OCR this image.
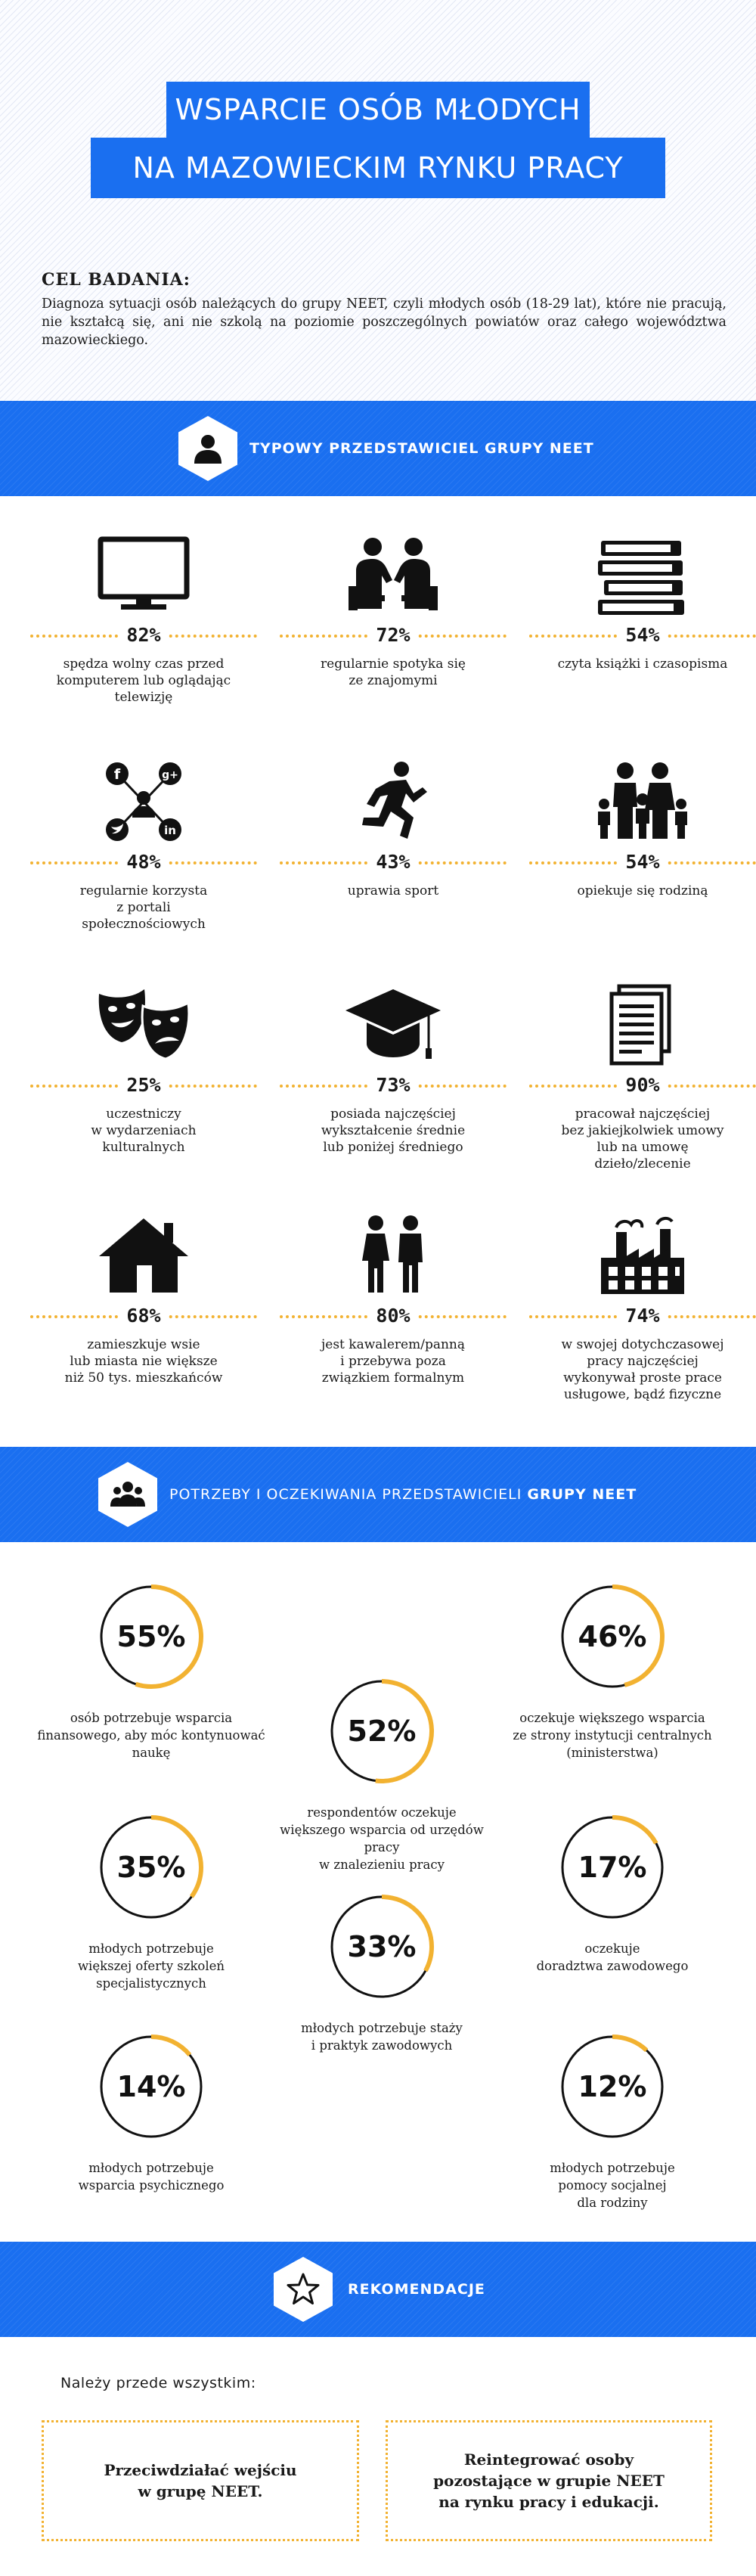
WSPARCIE OSÓB MŁODYCH
NA MAZOWIECKIM RYNKU PRACY
CEL BADANIA:
Diagnoza sytuacji osób należących do grupy NEET, czyli młodych osób (18-29 lat), które nie pracują, nie kształcą się, ani nie szkolą na poziomie poszczególnych powiatów oraz całego województwa mazowieckiego.
TYPOWY PRZEDSTAWICIEL GRUPY NEET
82%
spędza wolny czas przed
komputerem lub oglądając
telewizję
72%
regularnie spotyka się
ze znajomymi
54%
czyta książki i czasopisma
f	g+
in
48%
regularnie korzysta
z portali
społecznościowych
43%
uprawia sport
54%
opiekuje się rodziną
25%
uczestniczy
w wydarzeniach
kulturalnych
73%
posiada najczęściej
wykształcenie średnie
lub poniżej średniego
90%
pracował najczęściej
bez jakiejkolwiek umowy
lub na umowę
dzieło/zlecenie
68%
zamieszkuje wsie
lub miasta nie większe
niż 50 tys. mieszkańców
80%
jest kawalerem/panną
i przebywa poza
związkiem formalnym
74%
w swojej dotychczasowej
pracy najczęściej
wykonywał proste prace
usługowe, bądź fizyczne
POTRZEBY I OCZEKIWANIA PRZEDSTAWICIELI GRUPY NEET
55%
osób potrzebuje wsparcia
finansowego, aby móc kontynuować
naukę
46%
oczekuje większego wsparcia
ze strony instytucji centralnych
(ministerstwa)
52%
respondentów oczekuje
większego wsparcia od urzędów pracy
w znalezieniu pracy
35%
młodych potrzebuje
większej oferty szkoleń
specjalistycznych
17%
oczekuje
doradztwa zawodowego
33%
młodych potrzebuje staży
i praktyk zawodowych
14%
młodych potrzebuje
wsparcia psychicznego
12%
młodych potrzebuje
pomocy socjalnej
dla rodziny
REKOMENDACJE
Należy przede wszystkim:
Przeciwdziałać wejściu
w grupę NEET.
Reintegrować osoby
pozostające w grupie NEET
na rynku pracy i edukacji.
